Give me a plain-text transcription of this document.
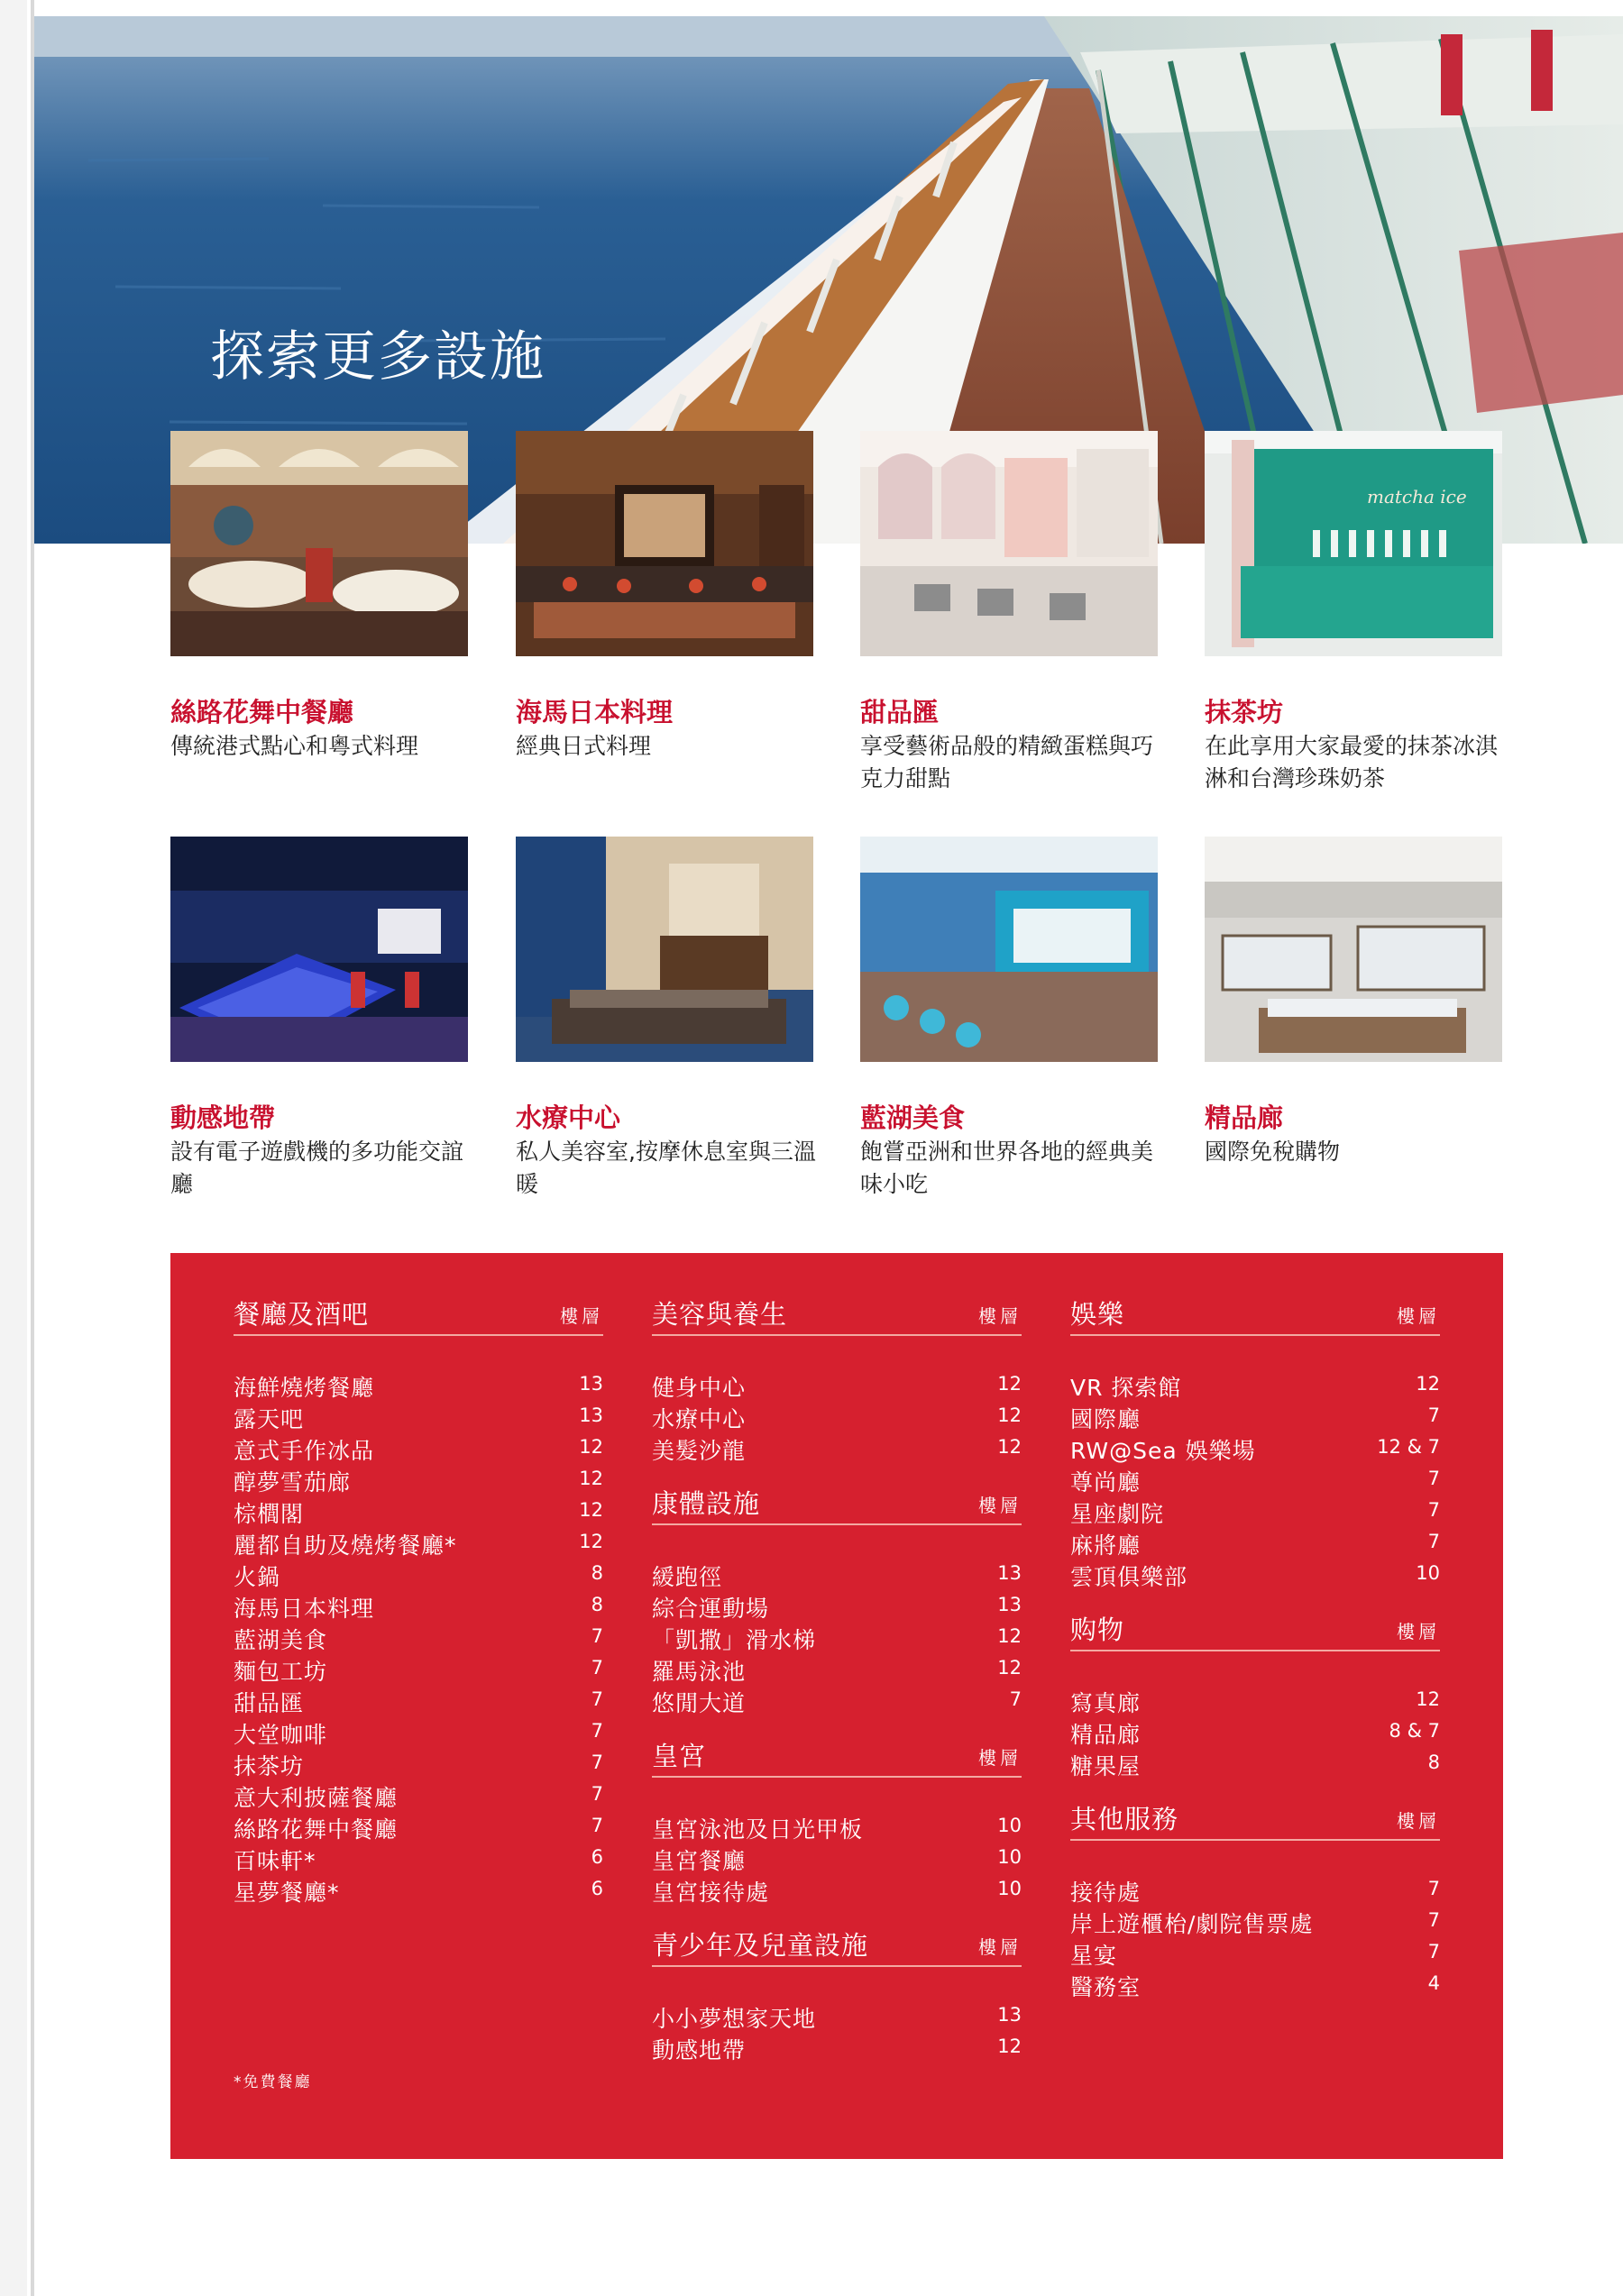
探索更多設施
絲路花舞中餐廳
傳統港式點心和粵式料理
海馬日本料理
經典日式料理
甜品匯
享受藝術品般的精緻蛋糕與巧克力甜點
matcha ice
抹茶坊
在此享用大家最愛的抹茶冰淇淋和台灣珍珠奶茶
動感地帶
設有電子遊戲機的多功能交誼廳
水療中心
私人美容室,按摩休息室與三溫暖
藍湖美食
飽嘗亞洲和世界各地的經典美味小吃
精品廊
國際免稅購物
餐廳及酒吧	樓層
海鮮燒烤餐廳	13
露天吧	13
意式手作冰品	12
醇夢雪茄廊	12
棕櫚閣	12
麗都自助及燒烤餐廳*	12
火鍋	8
海馬日本料理	8
藍湖美食	7
麵包工坊	7
甜品匯	7
大堂咖啡	7
抹茶坊	7
意大利披薩餐廳	7
絲路花舞中餐廳	7
百味軒*	6
星夢餐廳*	6
美容與養生	樓層
健身中心	12
水療中心	12
美髮沙龍	12
康體設施	樓層
緩跑徑	13
綜合運動場	13
「凱撒」滑水梯	12
羅馬泳池	12
悠閒大道	7
皇宮	樓層
皇宮泳池及日光甲板	10
皇宮餐廳	10
皇宮接待處	10
青少年及兒童設施	樓層
小小夢想家天地	13
動感地帶	12
娛樂	樓層
VR 探索館	12
國際廳	7
RW@Sea 娛樂場	12 & 7
尊尚廳	7
星座劇院	7
麻將廳	7
雲頂俱樂部	10
购物	樓層
寫真廊	12
精品廊	8 & 7
糖果屋	8
其他服務	樓層
接待處	7
岸上遊櫃枱/劇院售票處	7
星宴	7
醫務室	4
*免費餐廳
